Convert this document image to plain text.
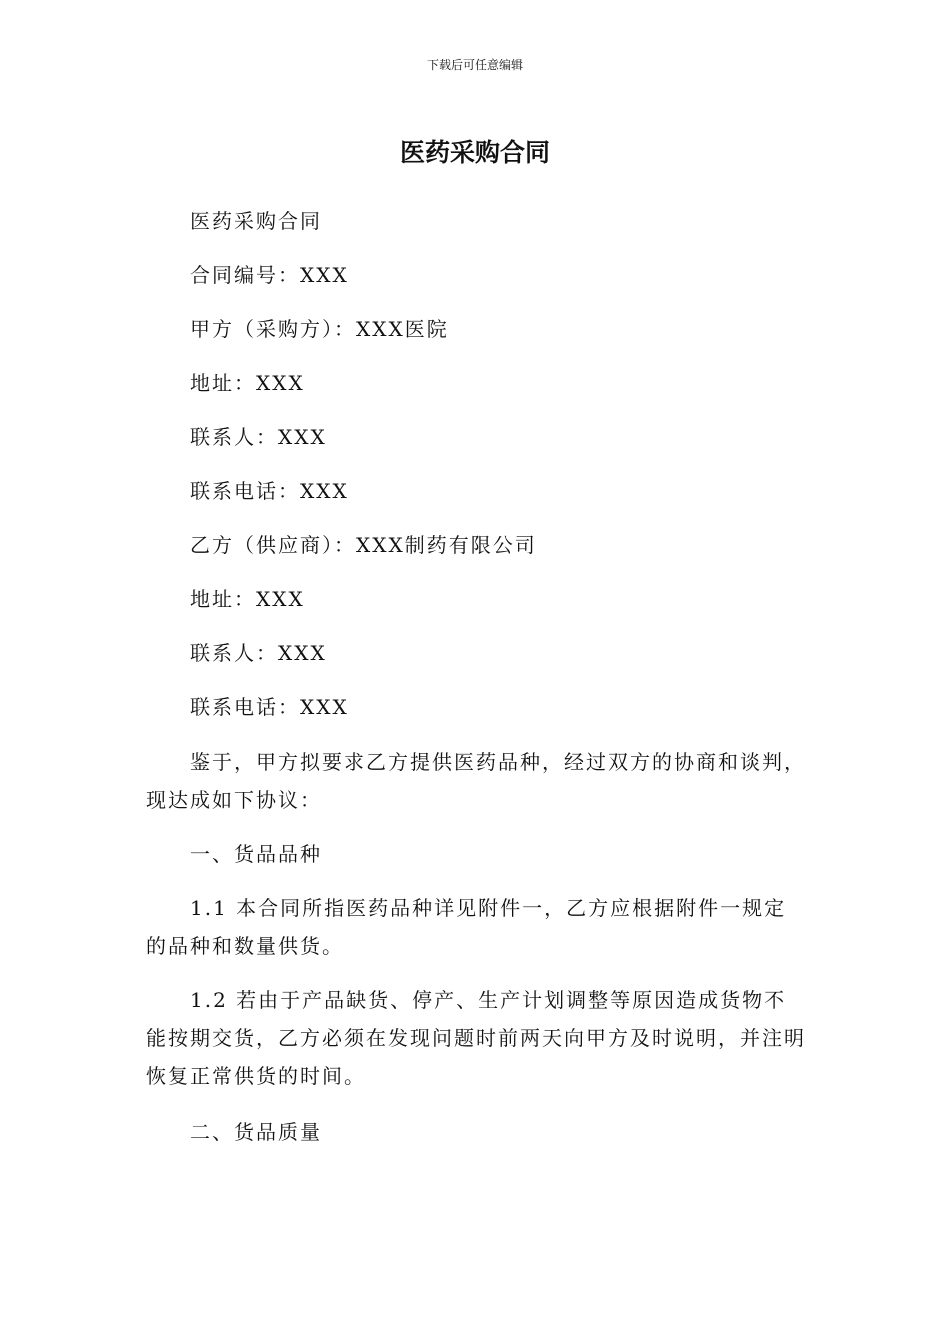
下载后可任意编辑
医药采购合同

医药采购合同

合同编号：XXX

甲方（采购方）：XXX医院

地址：XXX

联系人：XXX

联系电话：XXX

乙方（供应商）：XXX制药有限公司

地址：XXX

联系人：XXX

联系电话：XXX

鉴于，甲方拟要求乙方提供医药品种，经过双方的协商和谈判，现达成如下协议：

一、货品品种

1.1 本合同所指医药品种详见附件一，乙方应根据附件一规定的品种和数量供货。

1.2 若由于产品缺货、停产、生产计划调整等原因造成货物不能按期交货，乙方必须在发现问题时前两天向甲方及时说明，并注明恢复正常供货的时间。

二、货品质量
